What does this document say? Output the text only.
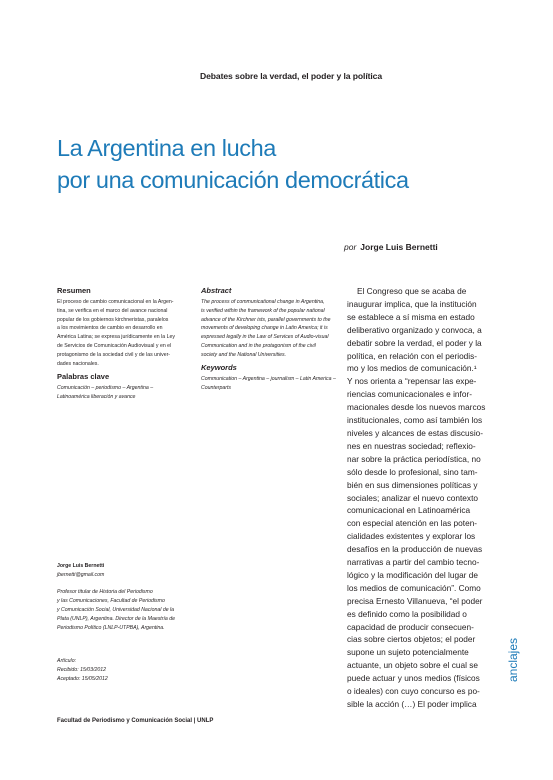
Debates sobre la verdad, el poder y la política
La Argentina en lucha
por una comunicación democrática
por Jorge Luis Bernetti
Resumen
El proceso de cambio comunicacional en la Argen-
tina, se verifica en el marco del avance nacional
popular de los gobiernos kirchneristas, paralelos
a los movimientos de cambio en desarrollo en
América Latina; se expresa jurídicamente en la Ley
de Servicios de Comunicación Audiovisual y en el
protagonismo de la sociedad civil y de las univer-
dades nacionales.
Palabras clave
Comunicación – periodismo – Argentina –
Latinoamérica liberación y avance
Abstract
The process of communicational change in Argentina,
is verified within the framework of the popular national
advance of the Kirchner ists, parallel governments to the
movements of developing change in Latin America; it is
expressed legally in the Law of Services of Audio-visual
Communication and in the protagonism of the civil
society and the National Universities.
Keywords
Communication – Argentina – journalism – Latin America –
Counterparts
Jorge Luis Bernetti
jbernetti@gmail.com

Profesor titular de Historia del Periodismo
y las Comunicaciones, Facultad de Periodismo
y Comunicación Social, Universidad Nacional de la
Plata (UNLP), Argentina. Director de la Maestría de
Periodismo Político (LNLP-UTPBA), Argentina.
Artículo:
Recibido: 15/03/2012
Aceptado: 15/05/2012
El Congreso que se acaba de
inaugurar implica, que la institución
se establece a sí misma en estado
deliberativo organizado y convoca, a
debatir sobre la verdad, el poder y la
política, en relación con el periodis-
mo y los medios de comunicación.¹
Y nos orienta a “repensar las expe-
riencias comunicacionales e infor-
macionales desde los nuevos marcos
institucionales, como así también los
niveles y alcances de estas discusio-
nes en nuestras sociedad; reflexio-
nar sobre la práctica periodística, no
sólo desde lo profesional, sino tam-
bién en sus dimensiones políticas y
sociales; analizar el nuevo contexto
comunicacional en Latinoamérica
con especial atención en las poten-
cialidades existentes y explorar los
desafíos en la producción de nuevas
narrativas a partir del cambio tecno-
lógico y la modificación del lugar de
los medios de comunicación”. Como
precisa Ernesto Villanueva, “el poder
es definido como la posibilidad o
capacidad de producir consecuen-
cias sobre ciertos objetos; el poder
supone un sujeto potencialmente
actuante, un objeto sobre el cual se
puede actuar y unos medios (físicos
o ideales) con cuyo concurso es po-
sible la acción (…) El poder implica
anclajes
Facultad de Periodismo y Comunicación Social | UNLP
